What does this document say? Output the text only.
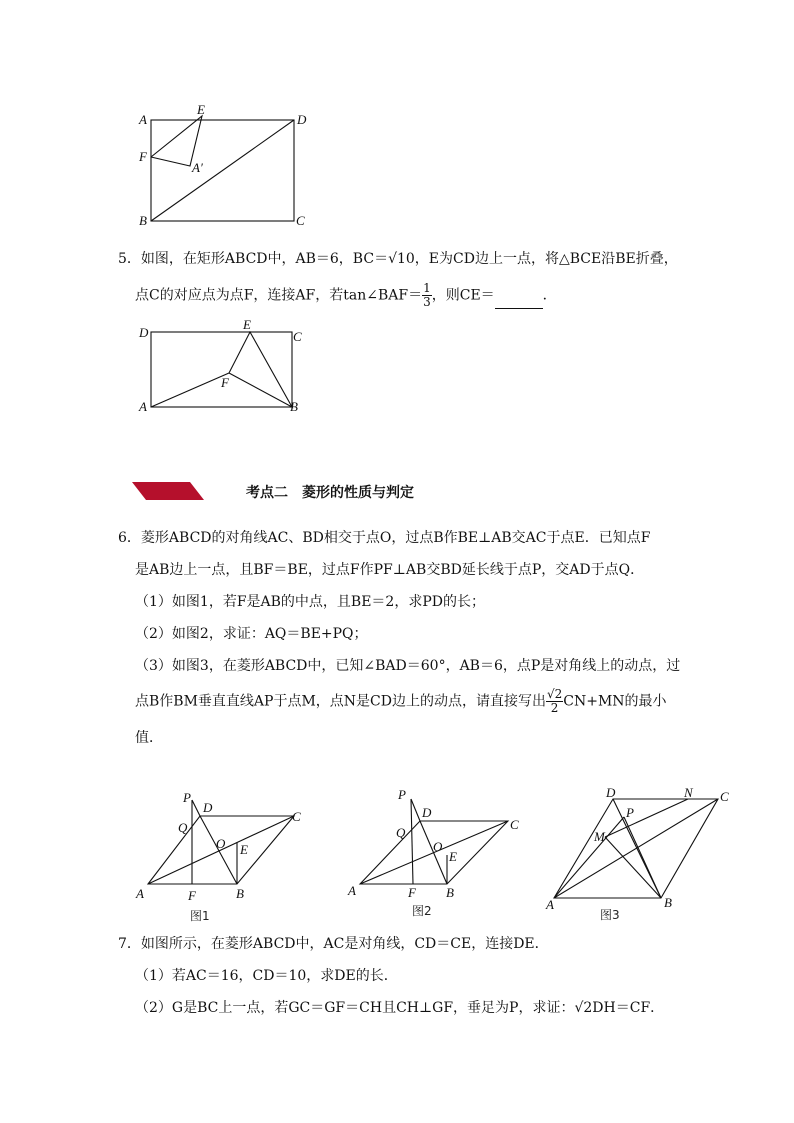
A
E
D
F
A′
B	C
5．如图，在矩形ABCD中，AB＝6，BC＝√10，E为CD边上一点，将△BCE沿BE折叠，
点C的对应点为点F，连接AF，若tan∠BAF＝ $\frac{1}{3}$ ，则CE＝	．
D
E
C
F
A	B
考点二　菱形的性质与判定
6．菱形ABCD的对角线AC、BD相交于点O，过点B作BE⊥AB交AC于点E．已知点F
是AB边上一点，且BF＝BE，过点F作PF⊥AB交BD延长线于点P，交AD于点Q．
（1）如图1，若F是AB的中点，且BE＝2，求PD的长；
（2）如图2，求证：AQ＝BE+PQ；
（3）如图3，在菱形ABCD中，已知∠BAD＝60°，AB＝6，点P是对角线上的动点，过
点B作BM垂直直线AP于点M，点N是CD边上的动点，请直接写出 $\frac{√2}{2} CN+MN$的最小
值．
P
D
C
Q
O E
A	F	B
图1
P
D
C
Q
O
E
A	F B
图2
D	N C
P
M
A	B
图3
7．如图所示，在菱形ABCD中，AC是对角线，CD＝CE，连接DE．
（1）若AC＝16，CD＝10，求DE的长．
（2）G是BC上一点，若GC＝GF＝CH且CH⊥GF，垂足为P，求证：√2DH＝CF．
